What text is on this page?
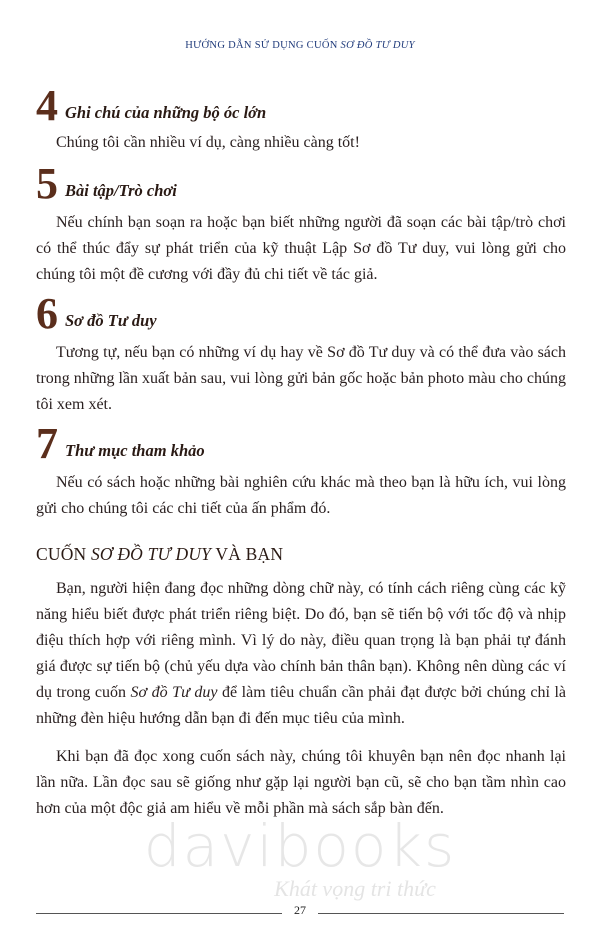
HƯỚNG DẪN SỬ DỤNG CUỐN SƠ ĐỒ TƯ DUY
4 Ghi chú của những bộ óc lớn

Chúng tôi cần nhiều ví dụ, càng nhiều càng tốt!

5 Bài tập/Trò chơi

Nếu chính bạn soạn ra hoặc bạn biết những người đã soạn các bài tập/trò chơi có thể thúc đẩy sự phát triển của kỹ thuật Lập Sơ đồ Tư duy, vui lòng gửi cho chúng tôi một đề cương với đầy đủ chi tiết về tác giả.

6 Sơ đồ Tư duy

Tương tự, nếu bạn có những ví dụ hay về Sơ đồ Tư duy và có thể đưa vào sách trong những lần xuất bản sau, vui lòng gửi bản gốc hoặc bản photo màu cho chúng tôi xem xét.

7 Thư mục tham khảo

Nếu có sách hoặc những bài nghiên cứu khác mà theo bạn là hữu ích, vui lòng gửi cho chúng tôi các chi tiết của ấn phẩm đó.

CUỐN SƠ ĐỒ TƯ DUY VÀ BẠN

Bạn, người hiện đang đọc những dòng chữ này, có tính cách riêng cùng các kỹ năng hiểu biết được phát triển riêng biệt. Do đó, bạn sẽ tiến bộ với tốc độ và nhịp điệu thích hợp với riêng mình. Vì lý do này, điều quan trọng là bạn phải tự đánh giá được sự tiến bộ (chủ yếu dựa vào chính bản thân bạn). Không nên dùng các ví dụ trong cuốn Sơ đồ Tư duy để làm tiêu chuẩn cần phải đạt được bởi chúng chỉ là những đèn hiệu hướng dẫn bạn đi đến mục tiêu của mình.

Khi bạn đã đọc xong cuốn sách này, chúng tôi khuyên bạn nên đọc nhanh lại lần nữa. Lần đọc sau sẽ giống như gặp lại người bạn cũ, sẽ cho bạn tầm nhìn cao hơn của một độc giả am hiểu về mỗi phần mà sách sắp bàn đến.

davibooks
Khát vọng tri thức
27
